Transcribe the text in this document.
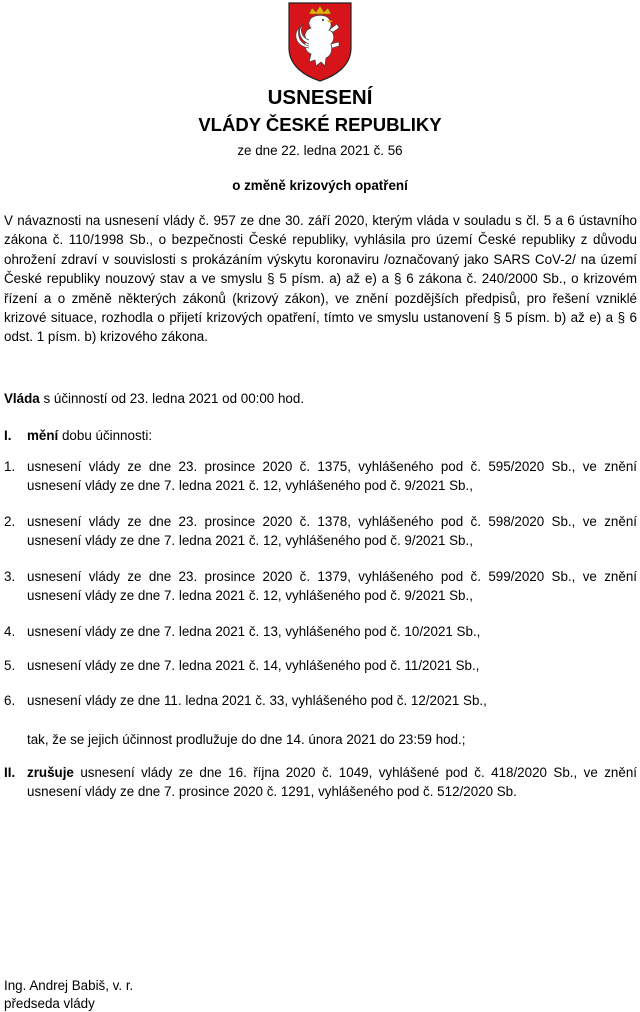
USNESENÍ
VLÁDY ČESKÉ REPUBLIKY
ze dne 22. ledna 2021 č. 56
o změně krizových opatření
V návaznosti na usnesení vlády č. 957 ze dne 30. září 2020, kterým vláda v souladu s čl. 5 a 6 ústavního zákona č. 110/1998 Sb., o bezpečnosti České republiky, vyhlásila pro území České republiky z důvodu ohrožení zdraví v souvislosti s prokázáním výskytu koronaviru /označovaný jako SARS CoV-2/ na území České republiky nouzový stav a ve smyslu § 5 písm. a) až e) a § 6 zákona č. 240/2000 Sb., o krizovém řízení a o změně některých zákonů (krizový zákon), ve znění pozdějších předpisů, pro řešení vzniklé krizové situace, rozhodla o přijetí krizových opatření, tímto ve smyslu ustanovení § 5 písm. b) až e) a § 6 odst. 1 písm. b) krizového zákona.
Vláda s účinností od 23. ledna 2021 od 00:00 hod.
I. mění dobu účinnosti:
1. usnesení vlády ze dne 23. prosince 2020 č. 1375, vyhlášeného pod č. 595/2020 Sb., ve znění usnesení vlády ze dne 7. ledna 2021 č. 12, vyhlášeného pod č. 9/2021 Sb.,
2. usnesení vlády ze dne 23. prosince 2020 č. 1378, vyhlášeného pod č. 598/2020 Sb., ve znění usnesení vlády ze dne 7. ledna 2021 č. 12, vyhlášeného pod č. 9/2021 Sb.,
3. usnesení vlády ze dne 23. prosince 2020 č. 1379, vyhlášeného pod č. 599/2020 Sb., ve znění usnesení vlády ze dne 7. ledna 2021 č. 12, vyhlášeného pod č. 9/2021 Sb.,
4. usnesení vlády ze dne 7. ledna 2021 č. 13, vyhlášeného pod č. 10/2021 Sb.,
5. usnesení vlády ze dne 7. ledna 2021 č. 14, vyhlášeného pod č. 11/2021 Sb.,
6. usnesení vlády ze dne 11. ledna 2021 č. 33, vyhlášeného pod č. 12/2021 Sb.,
tak, že se jejich účinnost prodlužuje do dne 14. února 2021 do 23:59 hod.;
II. zrušuje usnesení vlády ze dne 16. října 2020 č. 1049, vyhlášené pod č. 418/2020 Sb., ve znění usnesení vlády ze dne 7. prosince 2020 č. 1291, vyhlášeného pod č. 512/2020 Sb.
Ing. Andrej Babiš, v. r.
předseda vlády
